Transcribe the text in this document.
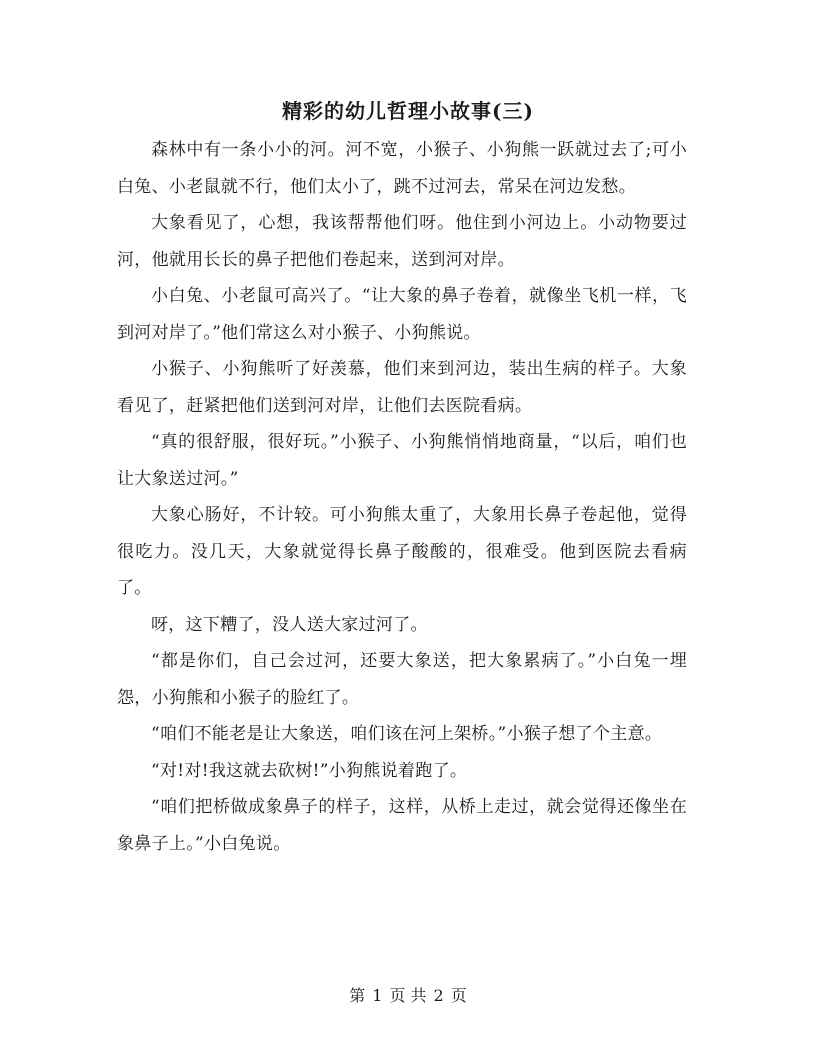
精彩的幼儿哲理小故事(三)

森林中有一条小小的河。河不宽，小猴子、小狗熊一跃就过去了;可小白兔、小老鼠就不行，他们太小了，跳不过河去，常呆在河边发愁。

大象看见了，心想，我该帮帮他们呀。他住到小河边上。小动物要过河，他就用长长的鼻子把他们卷起来，送到河对岸。

小白兔、小老鼠可高兴了。“让大象的鼻子卷着，就像坐飞机一样，飞到河对岸了。”他们常这么对小猴子、小狗熊说。

小猴子、小狗熊听了好羡慕，他们来到河边，装出生病的样子。大象看见了，赶紧把他们送到河对岸，让他们去医院看病。

“真的很舒服，很好玩。”小猴子、小狗熊悄悄地商量，“以后，咱们也让大象送过河。”

大象心肠好，不计较。可小狗熊太重了，大象用长鼻子卷起他，觉得很吃力。没几天，大象就觉得长鼻子酸酸的，很难受。他到医院去看病了。

呀，这下糟了，没人送大家过河了。

“都是你们，自己会过河，还要大象送，把大象累病了。”小白兔一埋怨，小狗熊和小猴子的脸红了。

“咱们不能老是让大象送，咱们该在河上架桥。”小猴子想了个主意。

“对!对!我这就去砍树!”小狗熊说着跑了。

“咱们把桥做成象鼻子的样子，这样，从桥上走过，就会觉得还像坐在象鼻子上。”小白兔说。

第 1 页 共 2 页
